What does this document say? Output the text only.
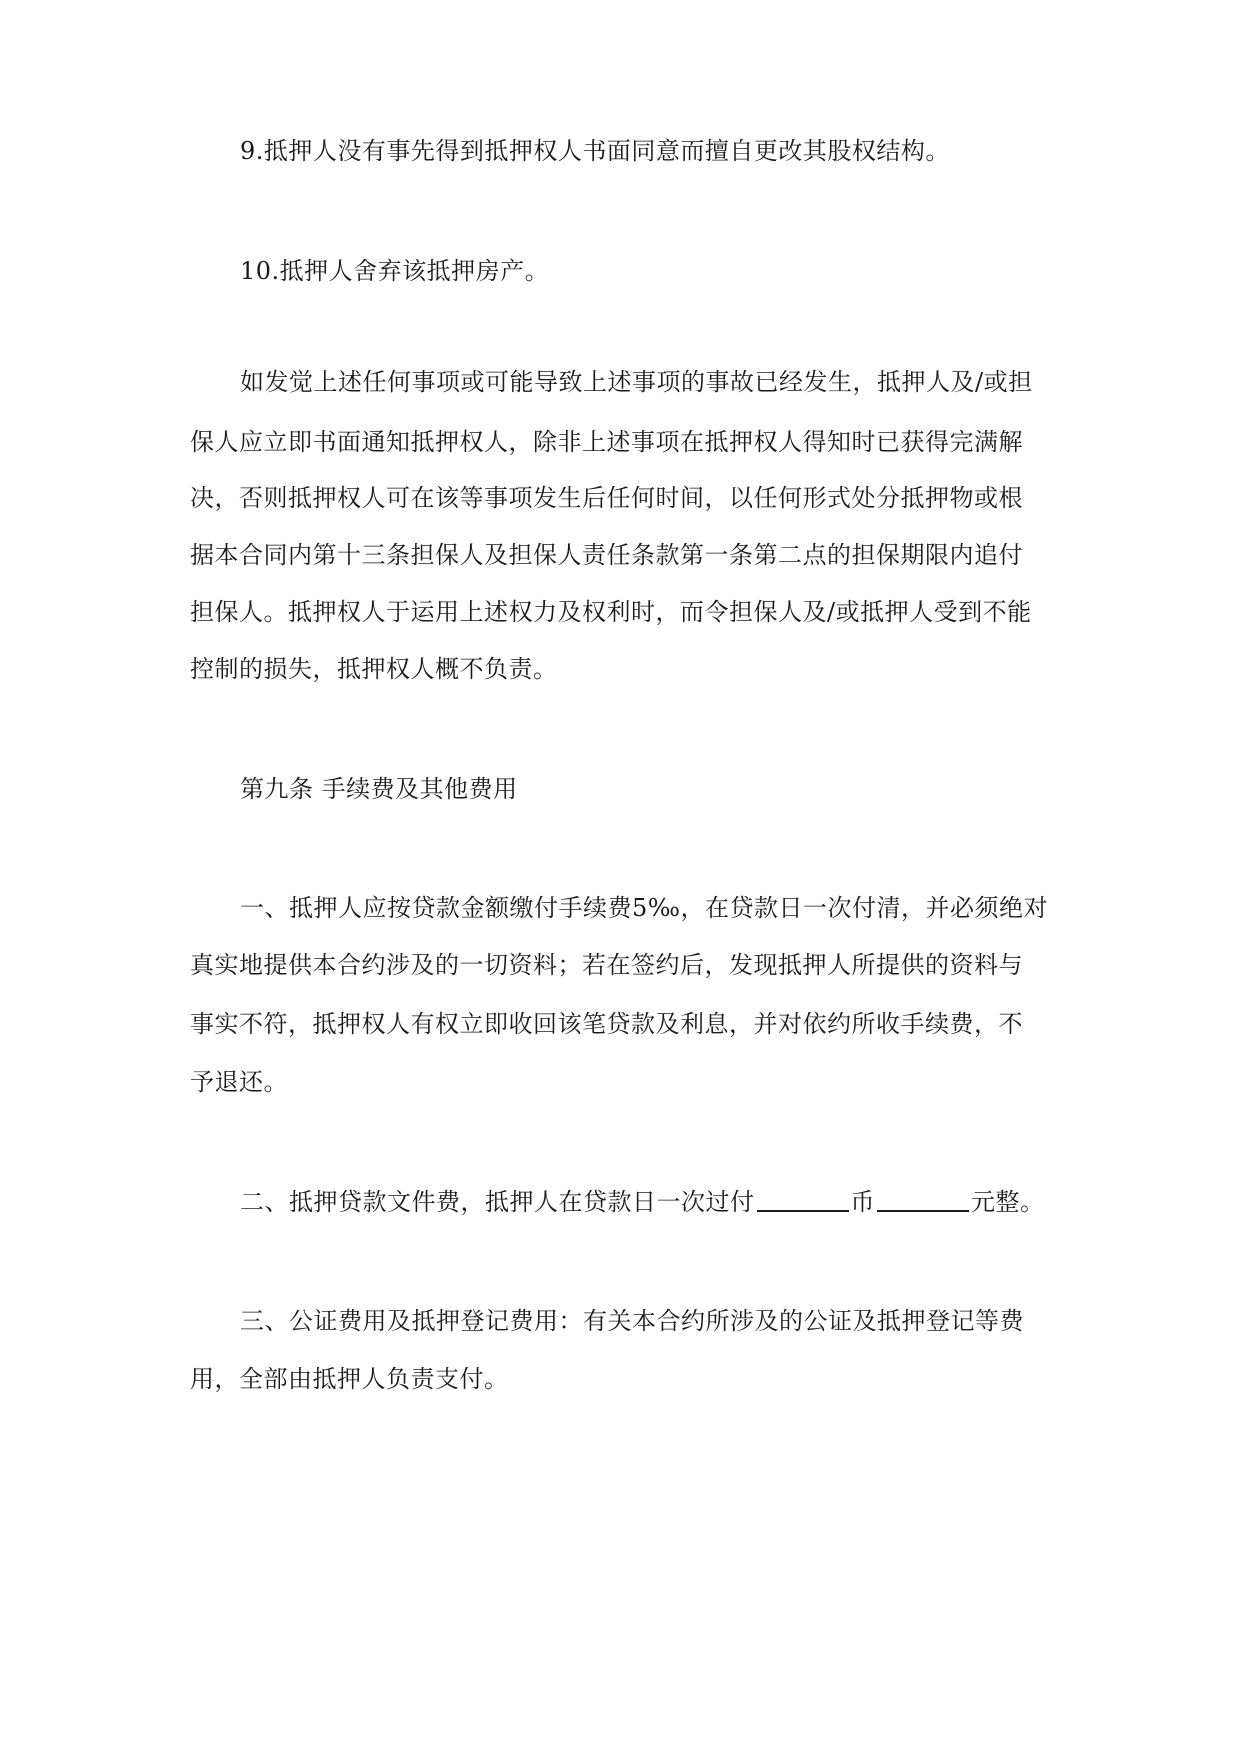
9.抵押人没有事先得到抵押权人书面同意而擅自更改其股权结构。
10.抵押人舍弃该抵押房产。
如发觉上述任何事项或可能导致上述事项的事故已经发生，抵押人及/或担
保人应立即书面通知抵押权人，除非上述事项在抵押权人得知时已获得完满解
决，否则抵押权人可在该等事项发生后任何时间，以任何形式处分抵押物或根
据本合同内第十三条担保人及担保人责任条款第一条第二点的担保期限内追付
担保人。抵押权人于运用上述权力及权利时，而令担保人及/或抵押人受到不能
控制的损失，抵押权人概不负责。
第九条 手续费及其他费用
一、抵押人应按贷款金额缴付手续费5‰，在贷款日一次付清，并必须绝对
真实地提供本合约涉及的一切资料；若在签约后，发现抵押人所提供的资料与
事实不符，抵押权人有权立即收回该笔贷款及利息，并对依约所收手续费，不
予退还。
二、抵押贷款文件费，抵押人在贷款日一次过付	币	元整。
三、公证费用及抵押登记费用：有关本合约所涉及的公证及抵押登记等费
用，全部由抵押人负责支付。
